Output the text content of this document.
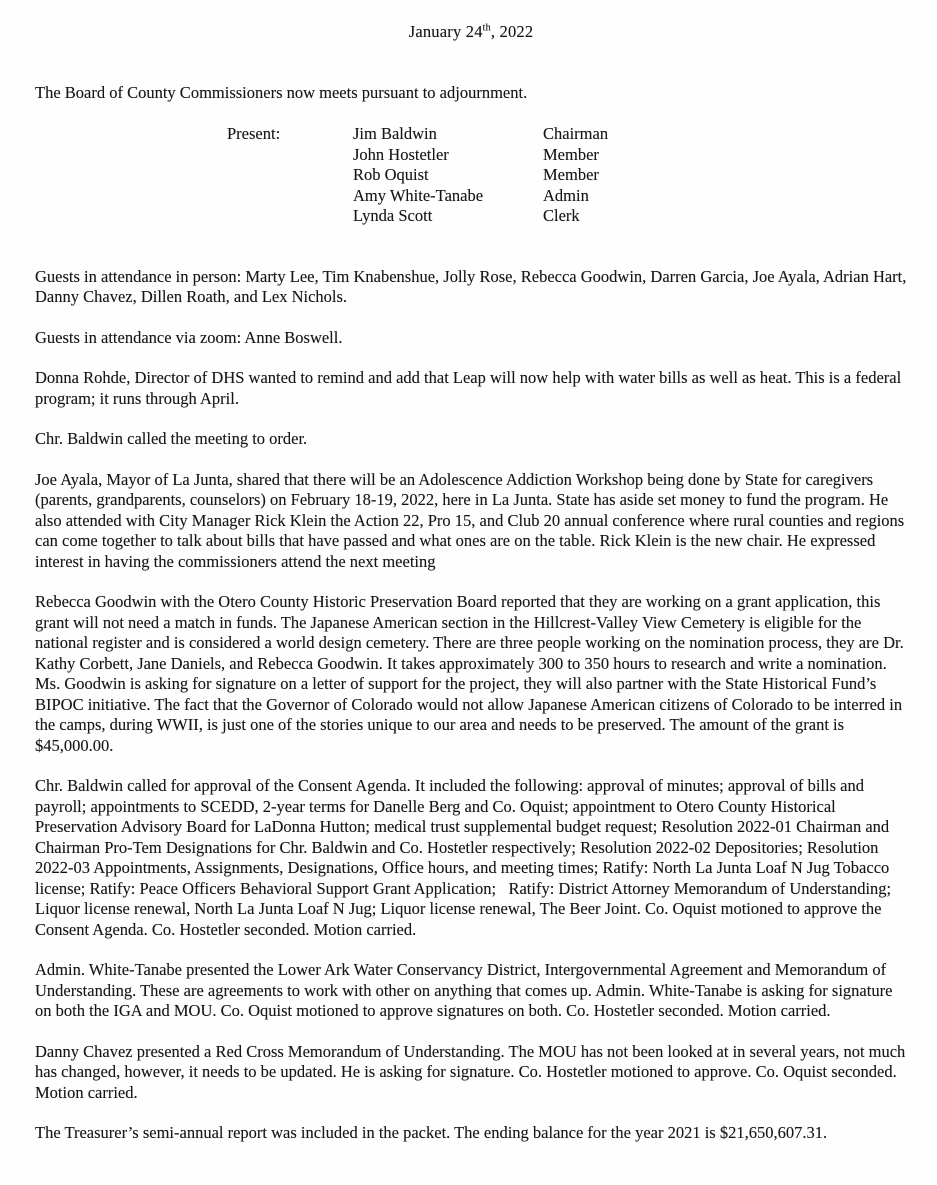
January 24th, 2022

The Board of County Commissioners now meets pursuant to adjournment.

Present:	Jim Baldwin	Chairman
John Hostetler	Member
Rob Oquist	Member
Amy White-Tanabe	Admin
Lynda Scott	Clerk

Guests in attendance in person: Marty Lee, Tim Knabenshue, Jolly Rose, Rebecca Goodwin, Darren Garcia, Joe Ayala, Adrian Hart, Danny Chavez, Dillen Roath, and Lex Nichols.

Guests in attendance via zoom: Anne Boswell.

Donna Rohde, Director of DHS wanted to remind and add that Leap will now help with water bills as well as heat. This is a federal program; it runs through April.

Chr. Baldwin called the meeting to order.

Joe Ayala, Mayor of La Junta, shared that there will be an Adolescence Addiction Workshop being done by State for caregivers (parents, grandparents, counselors) on February 18-19, 2022, here in La Junta. State has aside set money to fund the program. He also attended with City Manager Rick Klein the Action 22, Pro 15, and Club 20 annual conference where rural counties and regions can come together to talk about bills that have passed and what ones are on the table. Rick Klein is the new chair. He expressed interest in having the commissioners attend the next meeting

Rebecca Goodwin with the Otero County Historic Preservation Board reported that they are working on a grant application, this grant will not need a match in funds. The Japanese American section in the Hillcrest-Valley View Cemetery is eligible for the national register and is considered a world design cemetery. There are three people working on the nomination process, they are Dr. Kathy Corbett, Jane Daniels, and Rebecca Goodwin. It takes approximately 300 to 350 hours to research and write a nomination. Ms. Goodwin is asking for signature on a letter of support for the project, they will also partner with the State Historical Fund’s BIPOC initiative. The fact that the Governor of Colorado would not allow Japanese American citizens of Colorado to be interred in the camps, during WWII, is just one of the stories unique to our area and needs to be preserved. The amount of the grant is $45,000.00.

Chr. Baldwin called for approval of the Consent Agenda. It included the following: approval of minutes; approval of bills and payroll; appointments to SCEDD, 2-year terms for Danelle Berg and Co. Oquist; appointment to Otero County Historical Preservation Advisory Board for LaDonna Hutton; medical trust supplemental budget request; Resolution 2022-01 Chairman and Chairman Pro-Tem Designations for Chr. Baldwin and Co. Hostetler respectively; Resolution 2022-02 Depositories; Resolution 2022-03 Appointments, Assignments, Designations, Office hours, and meeting times; Ratify: North La Junta Loaf N Jug Tobacco license; Ratify: Peace Officers Behavioral Support Grant Application;   Ratify: District Attorney Memorandum of Understanding; Liquor license renewal, North La Junta Loaf N Jug; Liquor license renewal, The Beer Joint. Co. Oquist motioned to approve the Consent Agenda. Co. Hostetler seconded. Motion carried.

Admin. White-Tanabe presented the Lower Ark Water Conservancy District, Intergovernmental Agreement and Memorandum of Understanding. These are agreements to work with other on anything that comes up. Admin. White-Tanabe is asking for signature on both the IGA and MOU. Co. Oquist motioned to approve signatures on both. Co. Hostetler seconded. Motion carried.

Danny Chavez presented a Red Cross Memorandum of Understanding. The MOU has not been looked at in several years, not much has changed, however, it needs to be updated. He is asking for signature. Co. Hostetler motioned to approve. Co. Oquist seconded. Motion carried.

The Treasurer’s semi-annual report was included in the packet. The ending balance for the year 2021 is $21,650,607.31.
